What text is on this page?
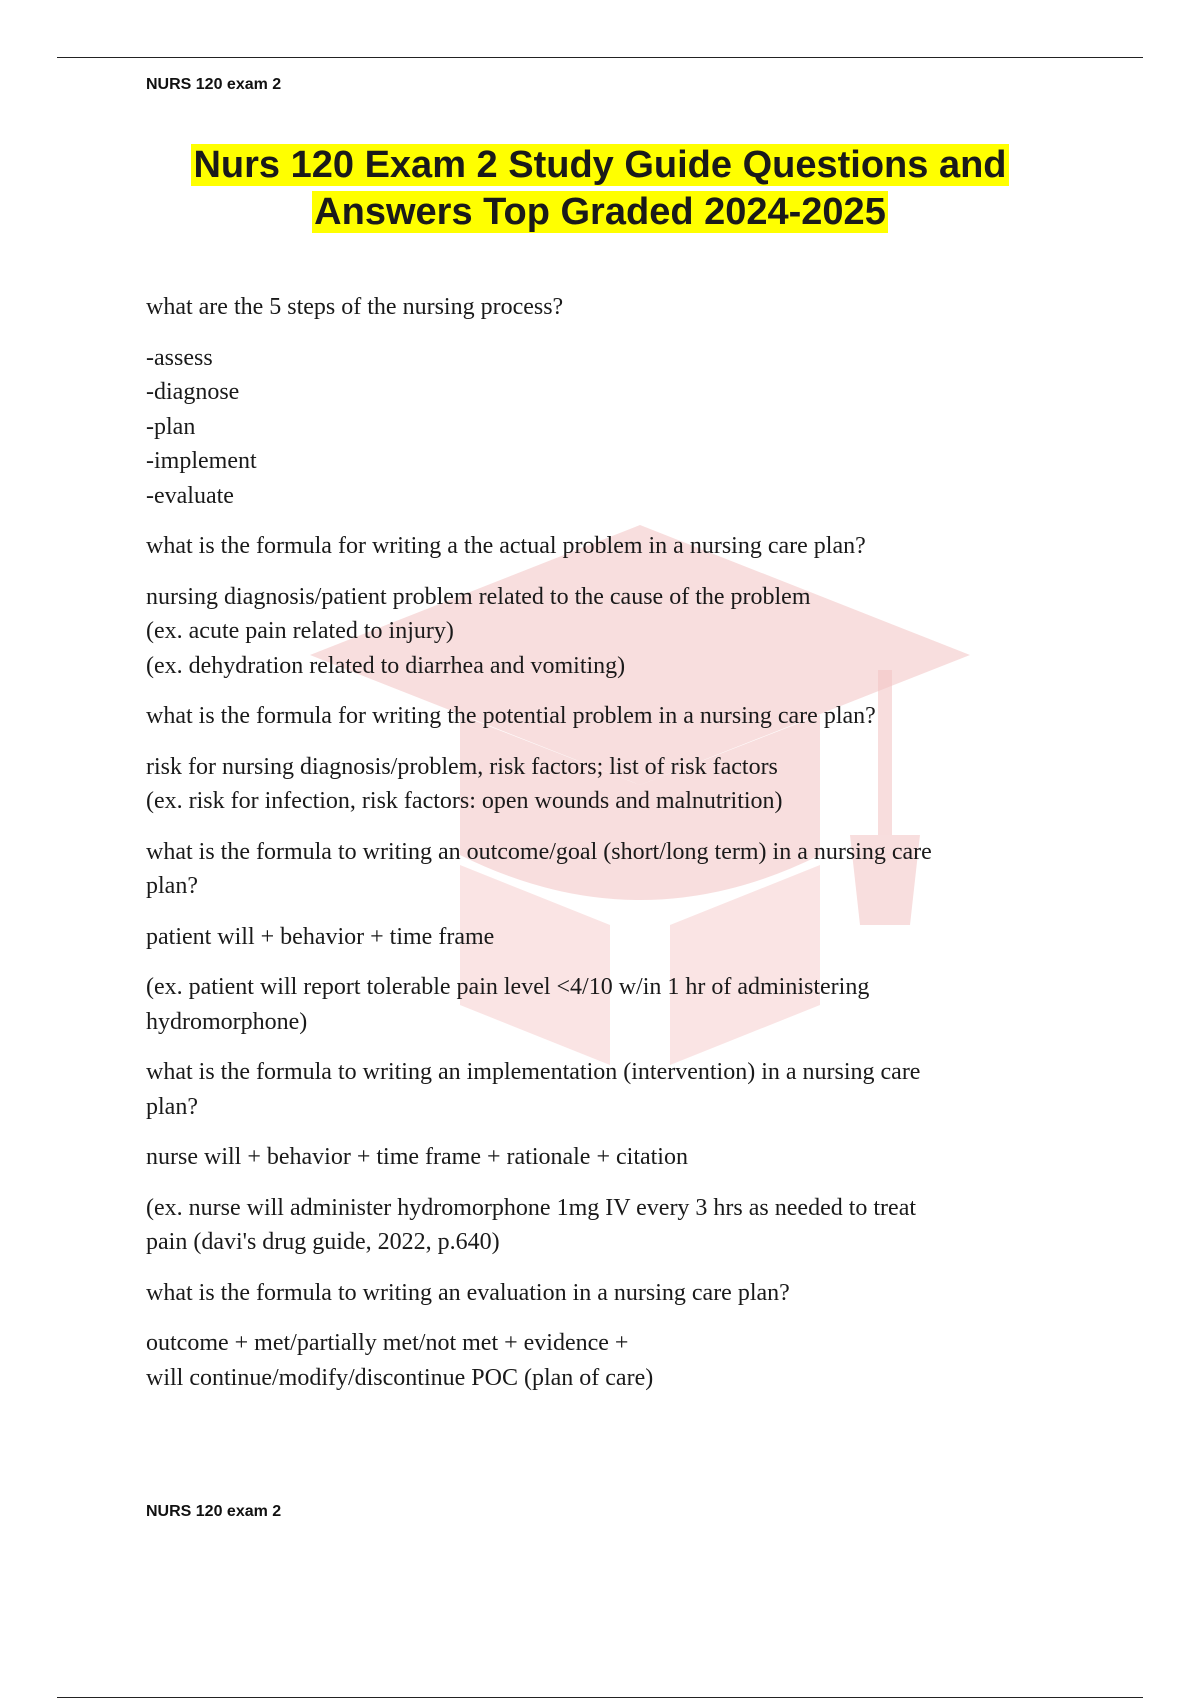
NURS 120 exam 2

Nurs 120 Exam 2 Study Guide Questions and
Answers Top Graded 2024-2025

what are the 5 steps of the nursing process?

-assess
-diagnose
-plan
-implement
-evaluate

what is the formula for writing a the actual problem in a nursing care plan?

nursing diagnosis/patient problem related to the cause of the problem
(ex. acute pain related to injury)
(ex. dehydration related to diarrhea and vomiting)

what is the formula for writing the potential problem in a nursing care plan?

risk for nursing diagnosis/problem, risk factors; list of risk factors
(ex. risk for infection, risk factors: open wounds and malnutrition)

what is the formula to writing an outcome/goal (short/long term) in a nursing care
plan?

patient will + behavior + time frame

(ex. patient will report tolerable pain level <4/10 w/in 1 hr of administering
hydromorphone)

what is the formula to writing an implementation (intervention) in a nursing care
plan?

nurse will + behavior + time frame + rationale + citation

(ex. nurse will administer hydromorphone 1mg IV every 3 hrs as needed to treat
pain (davi's drug guide, 2022, p.640)

what is the formula to writing an evaluation in a nursing care plan?

outcome + met/partially met/not met + evidence +
will continue/modify/discontinue POC (plan of care)

NURS 120 exam 2
